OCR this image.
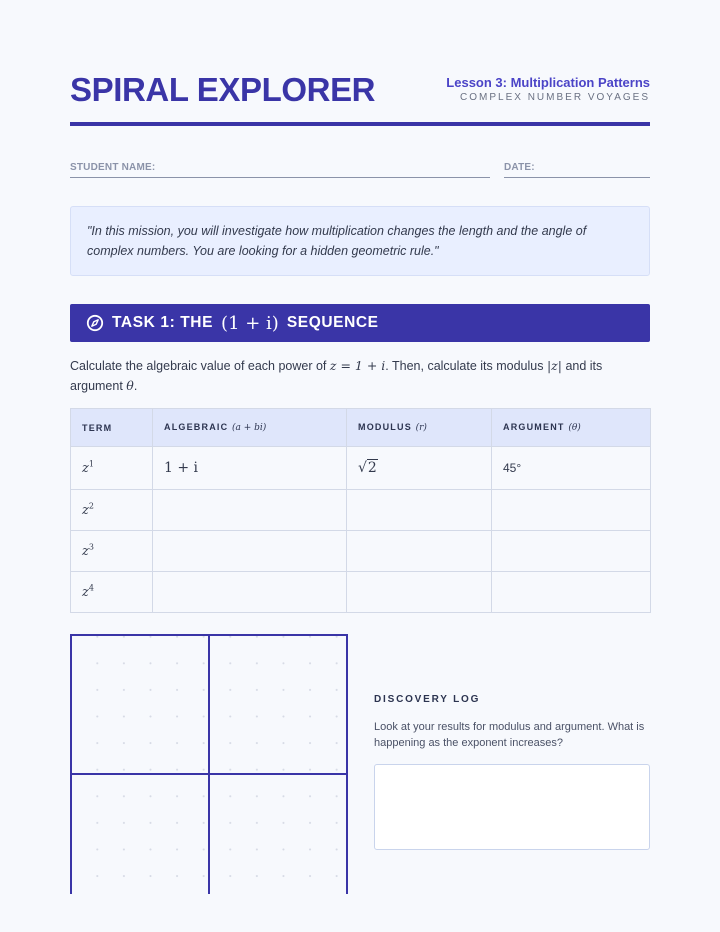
SPIRAL EXPLORER	Lesson 3: Multiplication Patterns
COMPLEX NUMBER VOYAGES
STUDENT NAME:	DATE:

"In this mission, you will investigate how multiplication changes the length and the angle of complex numbers. You are looking for a hidden geometric rule."

TASK 1: THE (1 + i) SEQUENCE
Calculate the algebraic value of each power of z = 1 + i. Then, calculate its modulus |z| and its argument θ.
TERM	ALGEBRAIC (a + bi)	MODULUS (r)	ARGUMENT (θ)
$z^1$	1 + i	√2	45°
$z^2$			
$z^3$			
$z^4$			
DISCOVERY LOG
Look at your results for modulus and argument. What is happening as the exponent increases?
